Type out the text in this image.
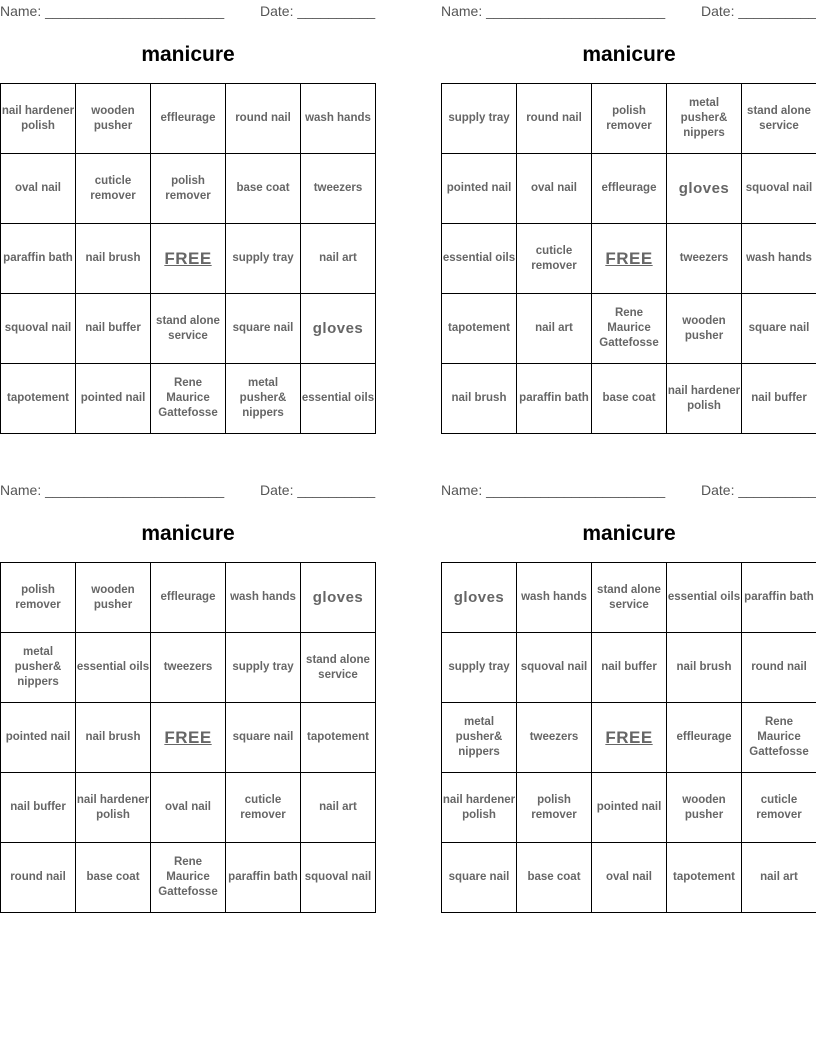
Name: _______________________	Date: __________
manicure
nail hardener polish	wooden pusher	effleurage	round nail	wash hands
oval nail	cuticle remover	polish remover	base coat	tweezers
paraffin bath	nail brush	FREE	supply tray	nail art
squoval nail	nail buffer	stand alone service	square nail	gloves
tapotement	pointed nail	Rene Maurice Gattefosse	metal pusher& nippers	essential oils
Name: _______________________	Date: __________
manicure
supply tray	round nail	polish remover	metal pusher& nippers	stand alone service
pointed nail	oval nail	effleurage	gloves	squoval nail
essential oils	cuticle remover	FREE	tweezers	wash hands
tapotement	nail art	Rene Maurice Gattefosse	wooden pusher	square nail
nail brush	paraffin bath	base coat	nail hardener polish	nail buffer
Name: _______________________	Date: __________
manicure
polish remover	wooden pusher	effleurage	wash hands	gloves
metal pusher& nippers	essential oils	tweezers	supply tray	stand alone service
pointed nail	nail brush	FREE	square nail	tapotement
nail buffer	nail hardener polish	oval nail	cuticle remover	nail art
round nail	base coat	Rene Maurice Gattefosse	paraffin bath	squoval nail
Name: _______________________	Date: __________
manicure
gloves	wash hands	stand alone service	essential oils	paraffin bath
supply tray	squoval nail	nail buffer	nail brush	round nail
metal pusher& nippers	tweezers	FREE	effleurage	Rene Maurice Gattefosse
nail hardener polish	polish remover	pointed nail	wooden pusher	cuticle remover
square nail	base coat	oval nail	tapotement	nail art
